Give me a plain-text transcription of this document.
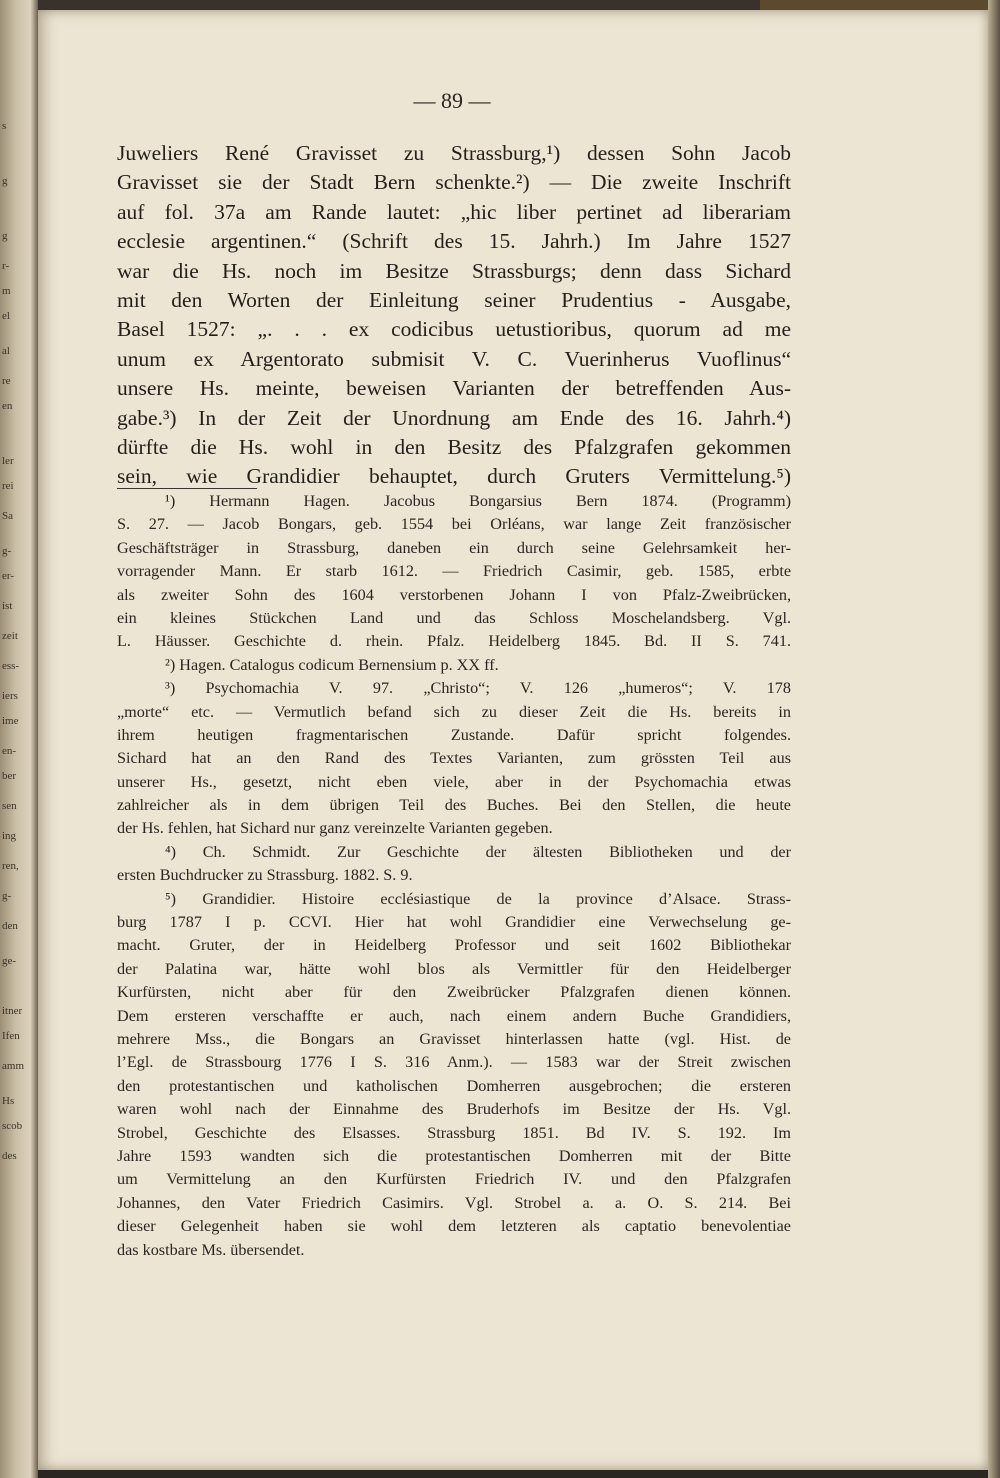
s
g
g
r-
m
el
al
re
en
ler
rei
Sa
g-
er-
ist
zeit
ess-
iers
ime
en-
ber
sen
ing
ren,
g-
den
ge-
itner
Ifen
amm
Hs
scob
des
— 89 —
Juweliers René Gravisset zu Strassburg,¹) dessen Sohn Jacob
Gravisset sie der Stadt Bern schenkte.²) — Die zweite Inschrift
auf fol. 37a am Rande lautet: „hic liber pertinet ad liberariam
ecclesie argentinen.“ (Schrift des 15. Jahrh.) Im Jahre 1527
war die Hs. noch im Besitze Strassburgs; denn dass Sichard
mit den Worten der Einleitung seiner Prudentius - Ausgabe,
Basel 1527: „. . . ex codicibus uetustioribus, quorum ad me
unum ex Argentorato submisit V. C. Vuerinherus Vuoflinus“
unsere Hs. meinte, beweisen Varianten der betreffenden Aus-
gabe.³) In der Zeit der Unordnung am Ende des 16. Jahrh.⁴)
dürfte die Hs. wohl in den Besitz des Pfalzgrafen gekommen
sein, wie Grandidier behauptet, durch Gruters Vermittelung.⁵)
¹) Hermann Hagen. Jacobus Bongarsius Bern 1874. (Programm)
S. 27. — Jacob Bongars, geb. 1554 bei Orléans, war lange Zeit französischer
Geschäftsträger in Strassburg, daneben ein durch seine Gelehrsamkeit her-
vorragender Mann. Er starb 1612. — Friedrich Casimir, geb. 1585, erbte
als zweiter Sohn des 1604 verstorbenen Johann I von Pfalz-Zweibrücken,
ein kleines Stückchen Land und das Schloss Moschelandsberg. Vgl.
L. Häusser. Geschichte d. rhein. Pfalz. Heidelberg 1845. Bd. II S. 741.
²) Hagen. Catalogus codicum Bernensium p. XX ff.
³) Psychomachia V. 97. „Christo“; V. 126 „humeros“; V. 178
„morte“ etc. — Vermutlich befand sich zu dieser Zeit die Hs. bereits in
ihrem heutigen fragmentarischen Zustande. Dafür spricht folgendes.
Sichard hat an den Rand des Textes Varianten, zum grössten Teil aus
unserer Hs., gesetzt, nicht eben viele, aber in der Psychomachia etwas
zahlreicher als in dem übrigen Teil des Buches. Bei den Stellen, die heute
der Hs. fehlen, hat Sichard nur ganz vereinzelte Varianten gegeben.
⁴) Ch. Schmidt. Zur Geschichte der ältesten Bibliotheken und der
ersten Buchdrucker zu Strassburg. 1882. S. 9.
⁵) Grandidier. Histoire ecclésiastique de la province d’Alsace. Strass-
burg 1787 I p. CCVI. Hier hat wohl Grandidier eine Verwechselung ge-
macht. Gruter, der in Heidelberg Professor und seit 1602 Bibliothekar
der Palatina war, hätte wohl blos als Vermittler für den Heidelberger
Kurfürsten, nicht aber für den Zweibrücker Pfalzgrafen dienen können.
Dem ersteren verschaffte er auch, nach einem andern Buche Grandidiers,
mehrere Mss., die Bongars an Gravisset hinterlassen hatte (vgl. Hist. de
l’Egl. de Strassbourg 1776 I S. 316 Anm.). — 1583 war der Streit zwischen
den protestantischen und katholischen Domherren ausgebrochen; die ersteren
waren wohl nach der Einnahme des Bruderhofs im Besitze der Hs. Vgl.
Strobel, Geschichte des Elsasses. Strassburg 1851. Bd IV. S. 192. Im
Jahre 1593 wandten sich die protestantischen Domherren mit der Bitte
um Vermittelung an den Kurfürsten Friedrich IV. und den Pfalzgrafen
Johannes, den Vater Friedrich Casimirs. Vgl. Strobel a. a. O. S. 214. Bei
dieser Gelegenheit haben sie wohl dem letzteren als captatio benevolentiae
das kostbare Ms. übersendet.
